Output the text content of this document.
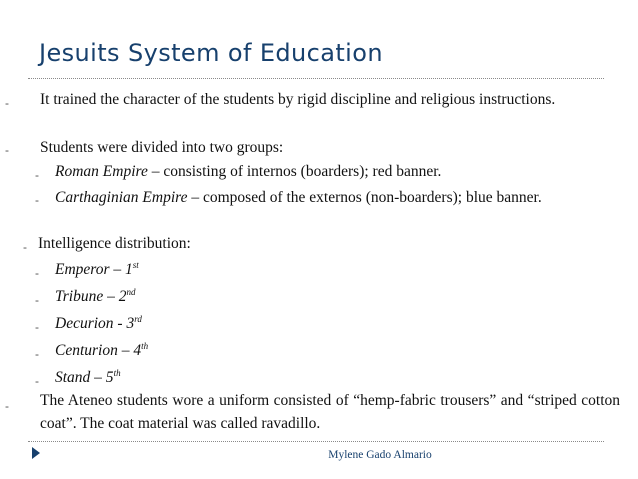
Jesuits System of Education
- It trained the character of the students by rigid discipline and religious instructions.
- Students were divided into two groups:
- Roman Empire – consisting of internos (boarders); red banner.
- Carthaginian Empire – composed of the externos (non-boarders); blue banner.
- Intelligence distribution:
- Emperor – 1st
- Tribune – 2nd
- Decurion - 3rd
- Centurion – 4th
- Stand – 5th
- The Ateneo students wore a uniform consisted of “hemp-fabric trousers” and “striped cotton coat”. The coat material was called ravadillo.
Mylene Gado Almario
